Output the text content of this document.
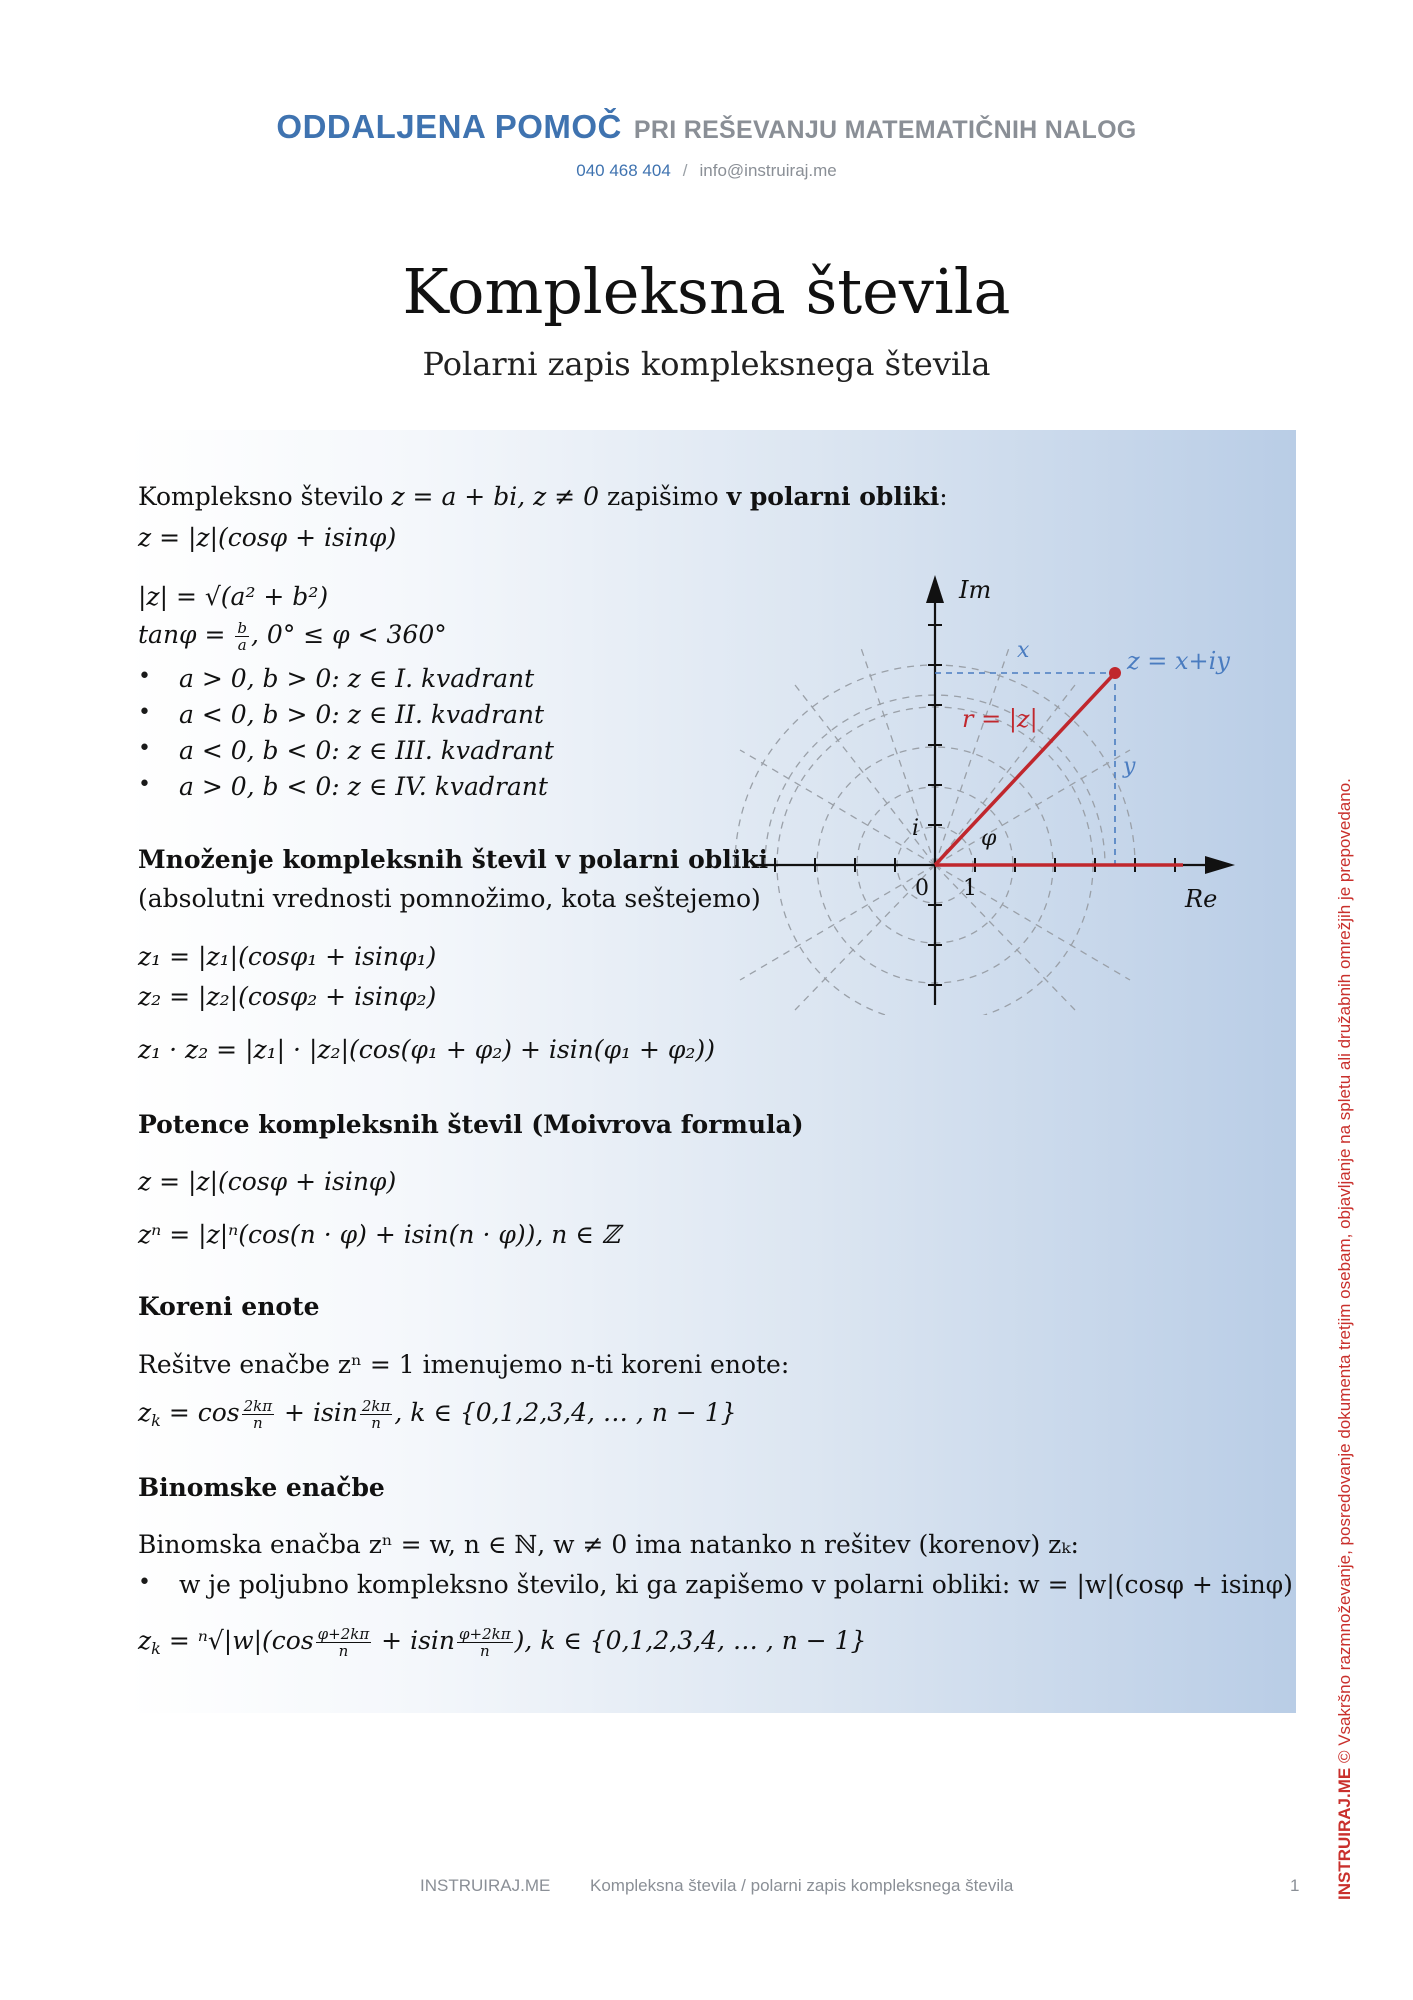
ODDALJENA POMOČ PRI REŠEVANJU MATEMATIČNIH NALOG
040 468 404 / info@instruiraj.me
Kompleksna števila
Polarni zapis kompleksnega števila
Kompleksno število z = a + bi, z ≠ 0 zapišimo v polarni obliki:
z = |z|(cosφ + isinφ)
|z| = √(a² + b²)
$\tan\varphi = \frac{b}{a}$ , 0° ≤ φ < 360°
• a > 0, b > 0: z ∈ I. kvadrant
• a < 0, b > 0: z ∈ II. kvadrant
• a < 0, b < 0: z ∈ III. kvadrant
• a > 0, b < 0: z ∈ IV. kvadrant
Množenje kompleksnih števil v polarni obliki
(absolutni vrednosti pomnožimo, kota seštejemo)
z₁ = |z₁|(cosφ₁ + isinφ₁)
z₂ = |z₂|(cosφ₂ + isinφ₂)
z₁ · z₂ = |z₁| · |z₂|(cos(φ₁ + φ₂) + isin(φ₁ + φ₂))
Potence kompleksnih števil (Moivrova formula)
z = |z|(cosφ + isinφ)
zⁿ = |z|ⁿ(cos(n · φ) + isin(n · φ)), n ∈ ℤ
Koreni enote
Rešitve enačbe zⁿ = 1 imenujemo n-ti koreni enote:
$z_k = \cos \frac{2k\pi}{n} + isin \frac{2k\pi}{n}$ , k ∈ {0,1,2,3,4, … , n − 1}
Binomske enačbe
Binomska enačba zⁿ = w, n ∈ ℕ, w ≠ 0 ima natanko n rešitev (korenov) zₖ:
• w je poljubno kompleksno število, ki ga zapišemo v polarni obliki: w = |w|(cosφ + isinφ)
$z_k = ^n√|w|(\cos \frac{\varphi+2k\pi}{n} + isin \frac{\varphi+2k\pi}{n}$ ), k ∈ {0,1,2,3,4, … , n − 1}
Im
Re
0 1
i
x
y
z = x+iy
r = |z|
φ
INSTRUIRAJ.ME Kompleksna števila / polarni zapis kompleksnega števila	1 INSTRUIRAJ.ME © Vsakršno razmnoževanje, posredovanje dokumenta tretjim osebam, objavljanje na spletu ali družabnih omrežjih je prepovedano.
